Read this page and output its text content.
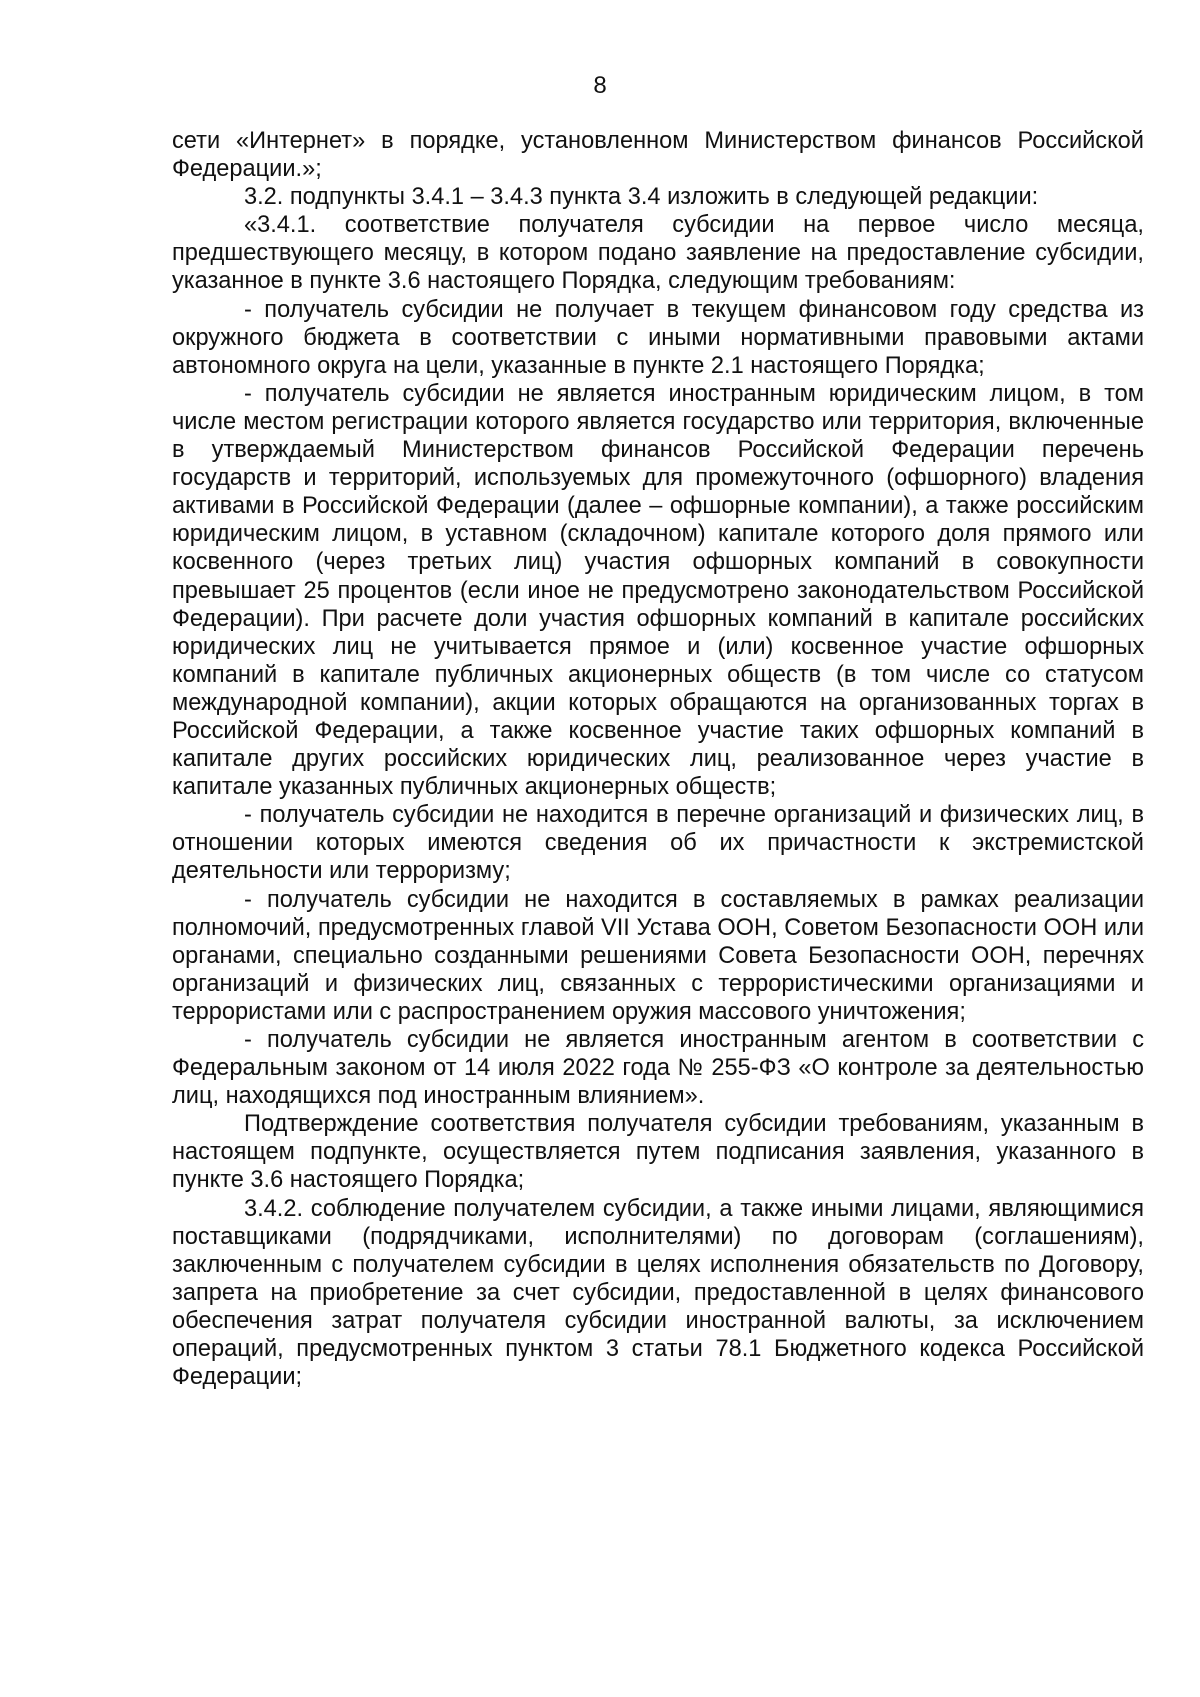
8

сети «Интернет» в порядке, установленном Министерством финансов Российской Федерации.»;

3.2. подпункты 3.4.1 – 3.4.3 пункта 3.4 изложить в следующей редакции:

«3.4.1. соответствие получателя субсидии на первое число месяца, предшествующего месяцу, в котором подано заявление на предоставление субсидии, указанное в пункте 3.6 настоящего Порядка, следующим требованиям:

- получатель субсидии не получает в текущем финансовом году средства из окружного бюджета в соответствии с иными нормативными правовыми актами автономного округа на цели, указанные в пункте 2.1 настоящего Порядка;

- получатель субсидии не является иностранным юридическим лицом, в том числе местом регистрации которого является государство или территория, включенные в утверждаемый Министерством финансов Российской Федерации перечень государств и территорий, используемых для промежуточного (офшорного) владения активами в Российской Федерации (далее – офшорные компании), а также российским юридическим лицом, в уставном (складочном) капитале которого доля прямого или косвенного (через третьих лиц) участия офшорных компаний в совокупности превышает 25 процентов (если иное не предусмотрено законодательством Российской Федерации). При расчете доли участия офшорных компаний в капитале российских юридических лиц не учитывается прямое и (или) косвенное участие офшорных компаний в капитале публичных акционерных обществ (в том числе со статусом международной компании), акции которых обращаются на организованных торгах в Российской Федерации, а также косвенное участие таких офшорных компаний в капитале других российских юридических лиц, реализованное через участие в капитале указанных публичных акционерных обществ;

- получатель субсидии не находится в перечне организаций и физических лиц, в отношении которых имеются сведения об их причастности к экстремистской деятельности или терроризму;

- получатель субсидии не находится в составляемых в рамках реализации полномочий, предусмотренных главой VII Устава ООН, Советом Безопасности ООН или органами, специально созданными решениями Совета Безопасности ООН, перечнях организаций и физических лиц, связанных с террористическими организациями и террористами или с распространением оружия массового уничтожения;

- получатель субсидии не является иностранным агентом в соответствии с Федеральным законом от 14 июля 2022 года № 255-ФЗ «О контроле за деятельностью лиц, находящихся под иностранным влиянием».

Подтверждение соответствия получателя субсидии требованиям, указанным в настоящем подпункте, осуществляется путем подписания заявления, указанного в пункте 3.6 настоящего Порядка;

3.4.2. соблюдение получателем субсидии, а также иными лицами, являющимися поставщиками (подрядчиками, исполнителями) по договорам (соглашениям), заключенным с получателем субсидии в целях исполнения обязательств по Договору, запрета на приобретение за счет субсидии, предоставленной в целях финансового обеспечения затрат получателя субсидии иностранной валюты, за исключением операций, предусмотренных пунктом 3 статьи 78.1 Бюджетного кодекса Российской Федерации;
